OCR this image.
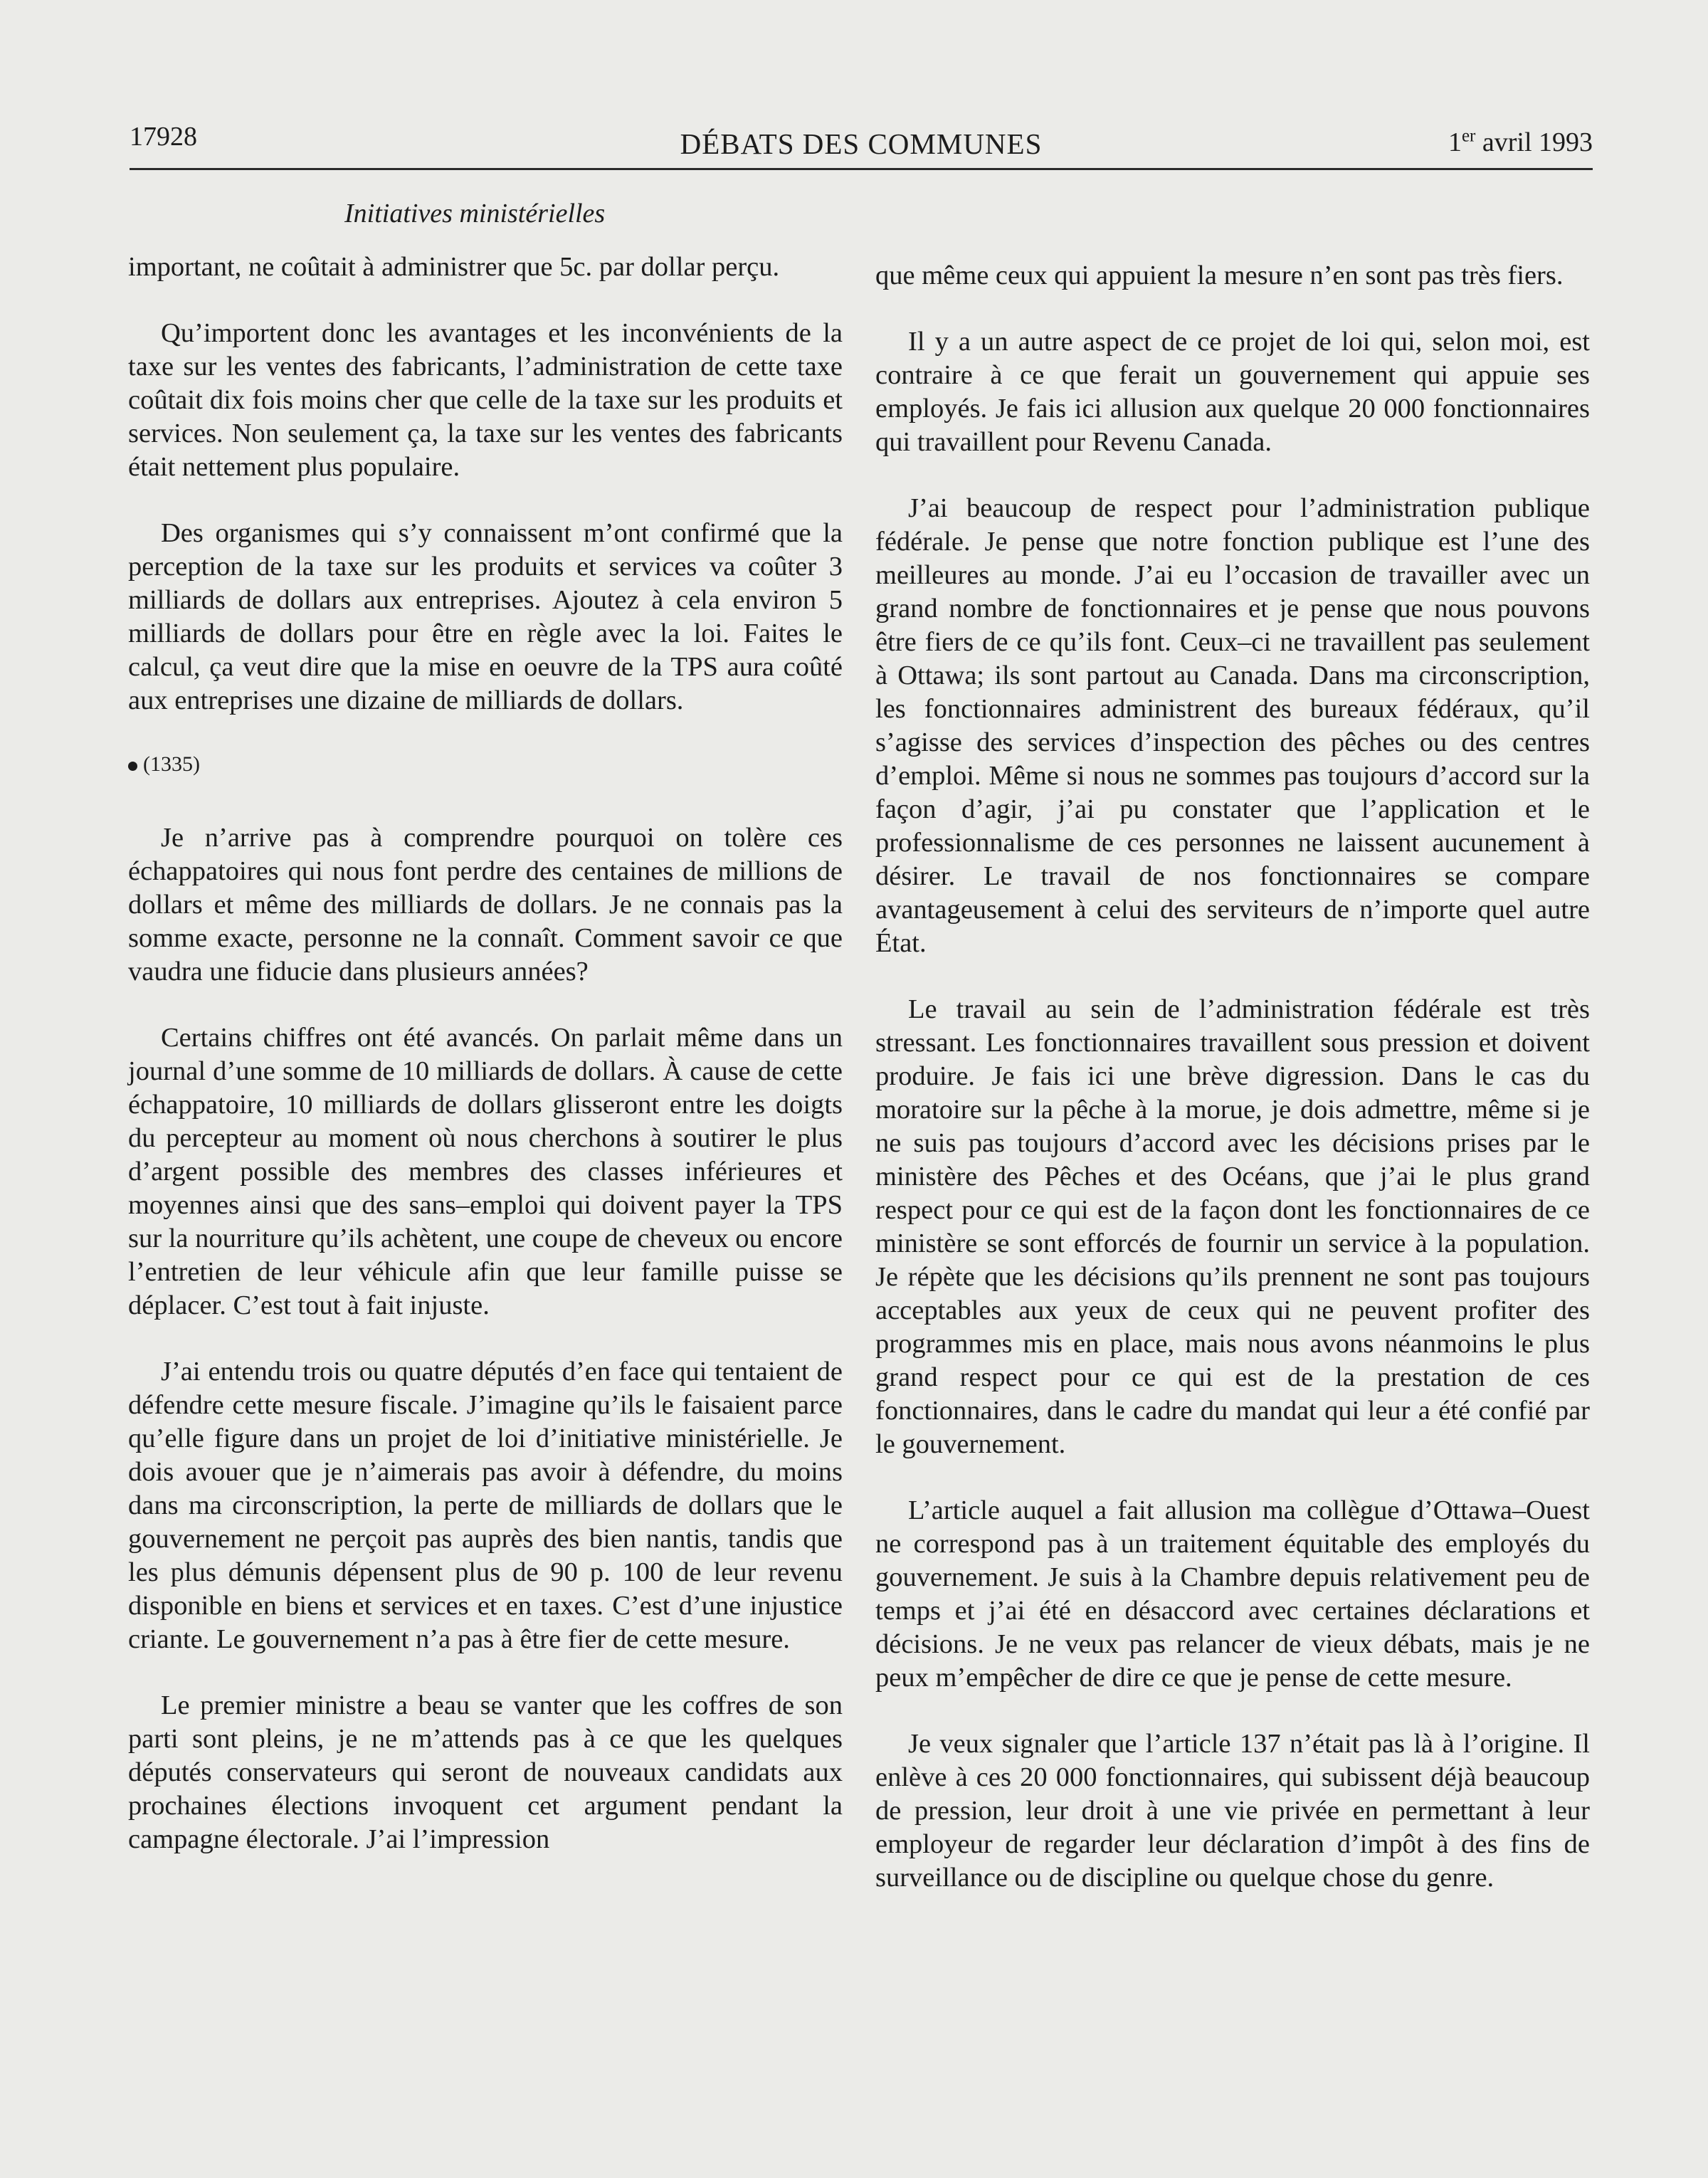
17928	DÉBATS DES COMMUNES	1er avril 1993
Initiatives ministérielles

important, ne coûtait à administrer que 5c. par dollar perçu.

Qu’importent donc les avantages et les inconvénients de la taxe sur les ventes des fabricants, l’administration de cette taxe coûtait dix fois moins cher que celle de la taxe sur les produits et services. Non seulement ça, la taxe sur les ventes des fabricants était nettement plus populaire.

Des organismes qui s’y connaissent m’ont confirmé que la perception de la taxe sur les produits et services va coûter 3 milliards de dollars aux entreprises. Ajoutez à cela environ 5 milliards de dollars pour être en règle avec la loi. Faites le calcul, ça veut dire que la mise en oeuvre de la TPS aura coûté aux entreprises une dizaine de milliards de dollars.

(1335)

Je n’arrive pas à comprendre pourquoi on tolère ces échappatoires qui nous font perdre des centaines de millions de dollars et même des milliards de dollars. Je ne connais pas la somme exacte, personne ne la connaît. Comment savoir ce que vaudra une fiducie dans plusieurs années?

Certains chiffres ont été avancés. On parlait même dans un journal d’une somme de 10 milliards de dollars. À cause de cette échappatoire, 10 milliards de dollars glisseront entre les doigts du percepteur au moment où nous cherchons à soutirer le plus d’argent possible des membres des classes inférieures et moyennes ainsi que des sans–emploi qui doivent payer la TPS sur la nourriture qu’ils achètent, une coupe de cheveux ou encore l’entretien de leur véhicule afin que leur famille puisse se déplacer. C’est tout à fait injuste.

J’ai entendu trois ou quatre députés d’en face qui tentaient de défendre cette mesure fiscale. J’imagine qu’ils le faisaient parce qu’elle figure dans un projet de loi d’initiative ministérielle. Je dois avouer que je n’aimerais pas avoir à défendre, du moins dans ma circonscription, la perte de milliards de dollars que le gouvernement ne perçoit pas auprès des bien nantis, tandis que les plus démunis dépensent plus de 90 p. 100 de leur revenu disponible en biens et services et en taxes. C’est d’une injustice criante. Le gouvernement n’a pas à être fier de cette mesure.

Le premier ministre a beau se vanter que les coffres de son parti sont pleins, je ne m’attends pas à ce que les quelques députés conservateurs qui seront de nouveaux candidats aux prochaines élections invoquent cet argument pendant la campagne électorale. J’ai l’impression

que même ceux qui appuient la mesure n’en sont pas très fiers.

Il y a un autre aspect de ce projet de loi qui, selon moi, est contraire à ce que ferait un gouvernement qui appuie ses employés. Je fais ici allusion aux quelque 20 000 fonctionnaires qui travaillent pour Revenu Canada.

J’ai beaucoup de respect pour l’administration publique fédérale. Je pense que notre fonction publique est l’une des meilleures au monde. J’ai eu l’occasion de travailler avec un grand nombre de fonctionnaires et je pense que nous pouvons être fiers de ce qu’ils font. Ceux–ci ne travaillent pas seulement à Ottawa; ils sont partout au Canada. Dans ma circonscription, les fonctionnaires administrent des bureaux fédéraux, qu’il s’agisse des services d’inspection des pêches ou des centres d’emploi. Même si nous ne sommes pas toujours d’accord sur la façon d’agir, j’ai pu constater que l’application et le professionnalisme de ces personnes ne laissent aucunement à désirer. Le travail de nos fonctionnaires se compare avantageusement à celui des serviteurs de n’importe quel autre État.

Le travail au sein de l’administration fédérale est très stressant. Les fonctionnaires travaillent sous pression et doivent produire. Je fais ici une brève digression. Dans le cas du moratoire sur la pêche à la morue, je dois admettre, même si je ne suis pas toujours d’accord avec les décisions prises par le ministère des Pêches et des Océans, que j’ai le plus grand respect pour ce qui est de la façon dont les fonctionnaires de ce ministère se sont efforcés de fournir un service à la population. Je répète que les décisions qu’ils prennent ne sont pas toujours acceptables aux yeux de ceux qui ne peuvent profiter des programmes mis en place, mais nous avons néanmoins le plus grand respect pour ce qui est de la prestation de ces fonctionnaires, dans le cadre du mandat qui leur a été confié par le gouvernement.

L’article auquel a fait allusion ma collègue d’Ottawa–Ouest ne correspond pas à un traitement équitable des employés du gouvernement. Je suis à la Chambre depuis relativement peu de temps et j’ai été en désaccord avec certaines déclarations et décisions. Je ne veux pas relancer de vieux débats, mais je ne peux m’empêcher de dire ce que je pense de cette mesure.

Je veux signaler que l’article 137 n’était pas là à l’origine. Il enlève à ces 20 000 fonctionnaires, qui subissent déjà beaucoup de pression, leur droit à une vie privée en permettant à leur employeur de regarder leur déclaration d’impôt à des fins de surveillance ou de discipline ou quelque chose du genre.
